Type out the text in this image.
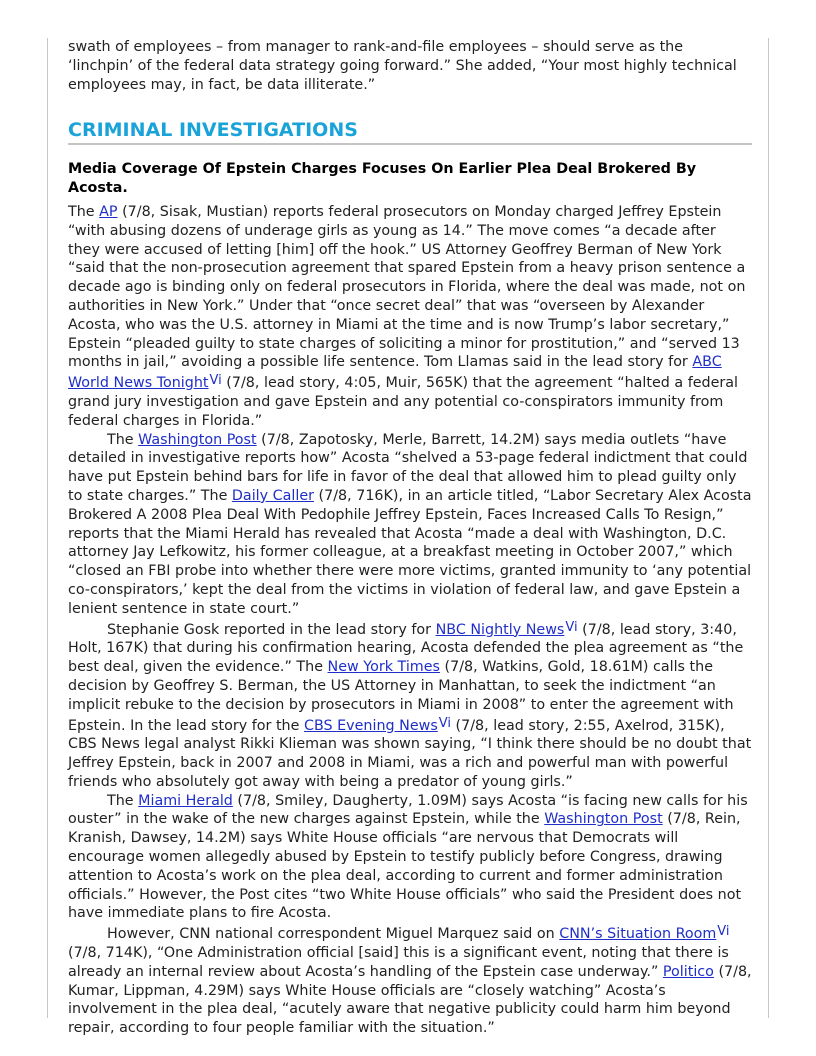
swath of employees – from manager to rank-and-file employees – should serve as the ‘linchpin’ of the federal data strategy going forward.” She added, “Your most highly technical employees may, in fact, be data illiterate.”

CRIMINAL INVESTIGATIONS
Media Coverage Of Epstein Charges Focuses On Earlier Plea Deal Brokered By Acosta.

The AP (7/8, Sisak, Mustian) reports federal prosecutors on Monday charged Jeffrey Epstein “with abusing dozens of underage girls as young as 14.” The move comes “a decade after they were accused of letting [him] off the hook.” US Attorney Geoffrey Berman of New York “said that the non-prosecution agreement that spared Epstein from a heavy prison sentence a decade ago is binding only on federal prosecutors in Florida, where the deal was made, not on authorities in New York.” Under that “once secret deal” that was “overseen by Alexander Acosta, who was the U.S. attorney in Miami at the time and is now Trump’s labor secretary,” Epstein “pleaded guilty to state charges of soliciting a minor for prostitution,” and “served 13 months in jail,” avoiding a possible life sentence. Tom Llamas said in the lead story for ABC World News TonightVi (7/8, lead story, 4:05, Muir, 565K) that the agreement “halted a federal grand jury investigation and gave Epstein and any potential co-conspirators immunity from federal charges in Florida.”

The Washington Post (7/8, Zapotosky, Merle, Barrett, 14.2M) says media outlets “have detailed in investigative reports how” Acosta “shelved a 53-page federal indictment that could have put Epstein behind bars for life in favor of the deal that allowed him to plead guilty only to state charges.” The Daily Caller (7/8, 716K), in an article titled, “Labor Secretary Alex Acosta Brokered A 2008 Plea Deal With Pedophile Jeffrey Epstein, Faces Increased Calls To Resign,” reports that the Miami Herald has revealed that Acosta “made a deal with Washington, D.C. attorney Jay Lefkowitz, his former colleague, at a breakfast meeting in October 2007,” which “closed an FBI probe into whether there were more victims, granted immunity to ‘any potential co-conspirators,’ kept the deal from the victims in violation of federal law, and gave Epstein a lenient sentence in state court.”

Stephanie Gosk reported in the lead story for NBC Nightly NewsVi (7/8, lead story, 3:40, Holt, 167K) that during his confirmation hearing, Acosta defended the plea agreement as “the best deal, given the evidence.” The New York Times (7/8, Watkins, Gold, 18.61M) calls the decision by Geoffrey S. Berman, the US Attorney in Manhattan, to seek the indictment “an implicit rebuke to the decision by prosecutors in Miami in 2008” to enter the agreement with Epstein. In the lead story for the CBS Evening NewsVi (7/8, lead story, 2:55, Axelrod, 315K), CBS News legal analyst Rikki Klieman was shown saying, “I think there should be no doubt that Jeffrey Epstein, back in 2007 and 2008 in Miami, was a rich and powerful man with powerful friends who absolutely got away with being a predator of young girls.”

The Miami Herald (7/8, Smiley, Daugherty, 1.09M) says Acosta “is facing new calls for his ouster” in the wake of the new charges against Epstein, while the Washington Post (7/8, Rein, Kranish, Dawsey, 14.2M) says White House officials “are nervous that Democrats will encourage women allegedly abused by Epstein to testify publicly before Congress, drawing attention to Acosta’s work on the plea deal, according to current and former administration officials.” However, the Post cites “two White House officials” who said the President does not have immediate plans to fire Acosta.

However, CNN national correspondent Miguel Marquez said on CNN’s Situation RoomVi (7/8, 714K), “One Administration official [said] this is a significant event, noting that there is already an internal review about Acosta’s handling of the Epstein case underway.” Politico (7/8, Kumar, Lippman, 4.29M) says White House officials are “closely watching” Acosta’s involvement in the plea deal, “acutely aware that negative publicity could harm him beyond repair, according to four people familiar with the situation.”
